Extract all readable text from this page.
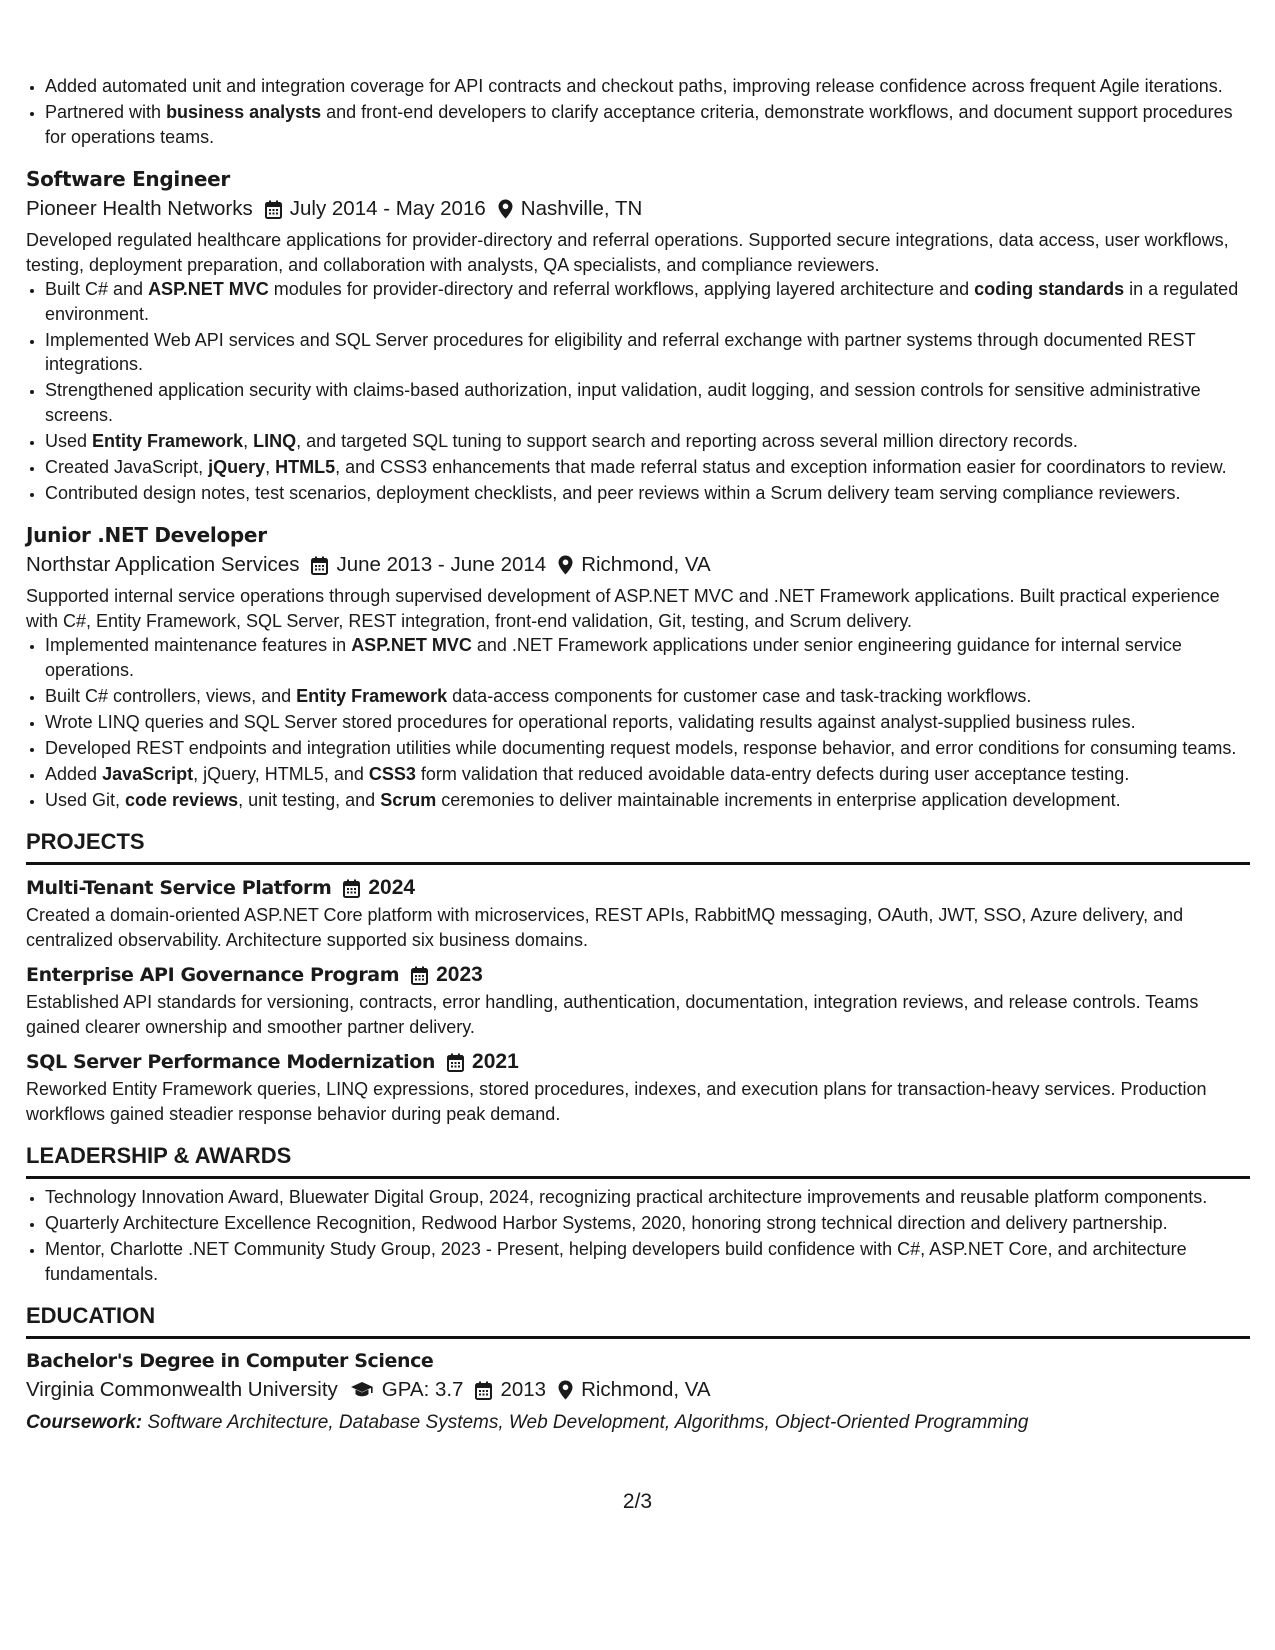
• Added automated unit and integration coverage for API contracts and checkout paths, improving release confidence across frequent Agile iterations.
• Partnered with business analysts and front-end developers to clarify acceptance criteria, demonstrate workflows, and document support procedures for operations teams.
Software Engineer
Pioneer Health Networks July 2014 - May 2016 Nashville, TN
Developed regulated healthcare applications for provider-directory and referral operations. Supported secure integrations, data access, user workflows, testing, deployment preparation, and collaboration with analysts, QA specialists, and compliance reviewers.
• Built C# and ASP.NET MVC modules for provider-directory and referral workflows, applying layered architecture and coding standards in a regulated environment.
• Implemented Web API services and SQL Server procedures for eligibility and referral exchange with partner systems through documented REST integrations.
• Strengthened application security with claims-based authorization, input validation, audit logging, and session controls for sensitive administrative screens.
• Used Entity Framework, LINQ, and targeted SQL tuning to support search and reporting across several million directory records.
• Created JavaScript, jQuery, HTML5, and CSS3 enhancements that made referral status and exception information easier for coordinators to review.
• Contributed design notes, test scenarios, deployment checklists, and peer reviews within a Scrum delivery team serving compliance reviewers.
Junior .NET Developer
Northstar Application Services June 2013 - June 2014 Richmond, VA
Supported internal service operations through supervised development of ASP.NET MVC and .NET Framework applications. Built practical experience with C#, Entity Framework, SQL Server, REST integration, front-end validation, Git, testing, and Scrum delivery.
• Implemented maintenance features in ASP.NET MVC and .NET Framework applications under senior engineering guidance for internal service operations.
• Built C# controllers, views, and Entity Framework data-access components for customer case and task-tracking workflows.
• Wrote LINQ queries and SQL Server stored procedures for operational reports, validating results against analyst-supplied business rules.
• Developed REST endpoints and integration utilities while documenting request models, response behavior, and error conditions for consuming teams.
• Added JavaScript, jQuery, HTML5, and CSS3 form validation that reduced avoidable data-entry defects during user acceptance testing.
• Used Git, code reviews, unit testing, and Scrum ceremonies to deliver maintainable increments in enterprise application development.
PROJECTS
Multi-Tenant Service Platform 2024
Created a domain-oriented ASP.NET Core platform with microservices, REST APIs, RabbitMQ messaging, OAuth, JWT, SSO, Azure delivery, and centralized observability. Architecture supported six business domains.
Enterprise API Governance Program 2023
Established API standards for versioning, contracts, error handling, authentication, documentation, integration reviews, and release controls. Teams gained clearer ownership and smoother partner delivery.
SQL Server Performance Modernization 2021
Reworked Entity Framework queries, LINQ expressions, stored procedures, indexes, and execution plans for transaction-heavy services. Production workflows gained steadier response behavior during peak demand.
LEADERSHIP & AWARDS
• Technology Innovation Award, Bluewater Digital Group, 2024, recognizing practical architecture improvements and reusable platform components.
• Quarterly Architecture Excellence Recognition, Redwood Harbor Systems, 2020, honoring strong technical direction and delivery partnership.
• Mentor, Charlotte .NET Community Study Group, 2023 - Present, helping developers build confidence with C#, ASP.NET Core, and architecture fundamentals.
EDUCATION
Bachelor's Degree in Computer Science
Virginia Commonwealth University GPA: 3.7 2013 Richmond, VA
Coursework: Software Architecture, Database Systems, Web Development, Algorithms, Object-Oriented Programming
2/3
